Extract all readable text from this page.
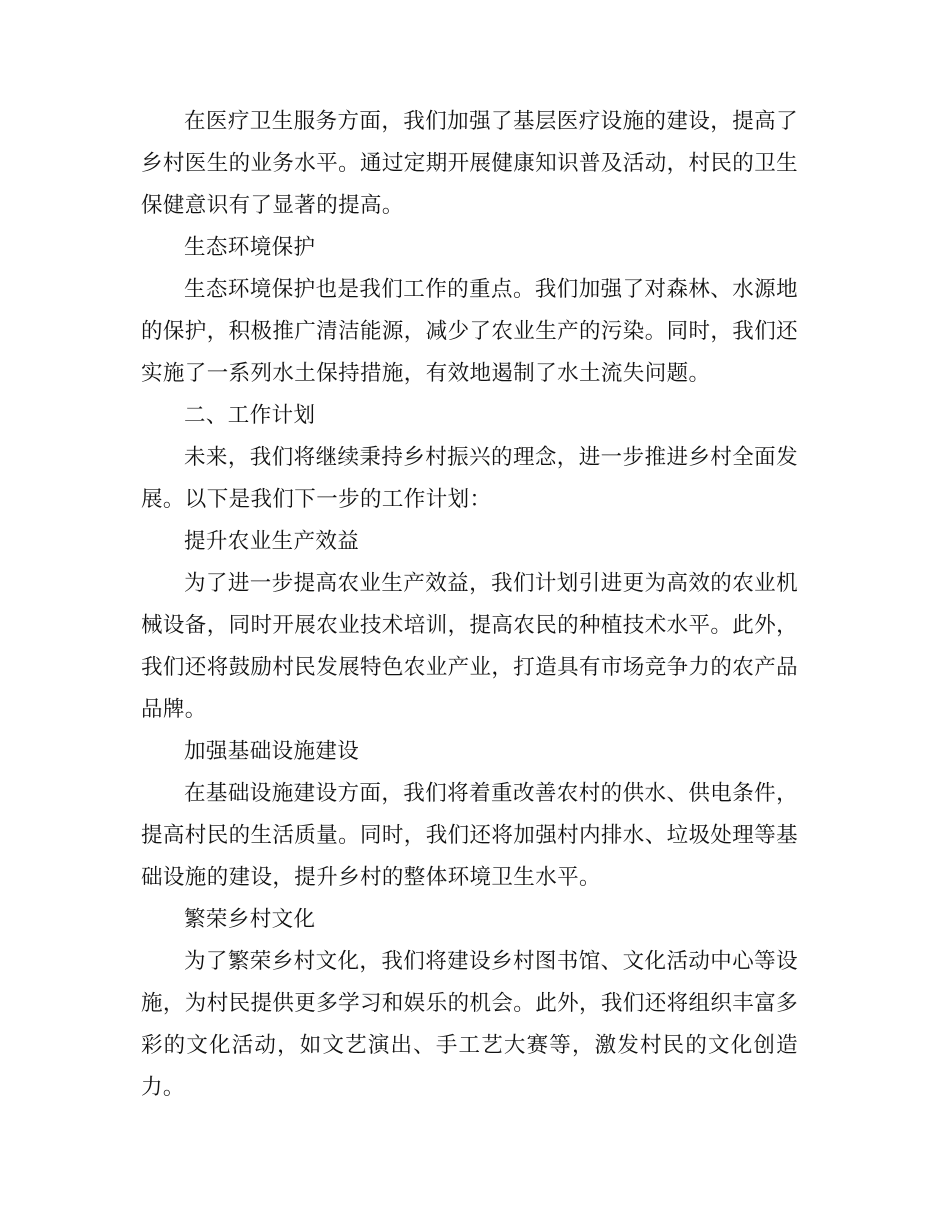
在医疗卫生服务方面，我们加强了基层医疗设施的建设，提高了乡村医生的业务水平。通过定期开展健康知识普及活动，村民的卫生保健意识有了显著的提高。

生态环境保护

生态环境保护也是我们工作的重点。我们加强了对森林、水源地的保护，积极推广清洁能源，减少了农业生产的污染。同时，我们还实施了一系列水土保持措施，有效地遏制了水土流失问题。

二、工作计划

未来，我们将继续秉持乡村振兴的理念，进一步推进乡村全面发展。以下是我们下一步的工作计划：

提升农业生产效益

为了进一步提高农业生产效益，我们计划引进更为高效的农业机械设备，同时开展农业技术培训，提高农民的种植技术水平。此外，我们还将鼓励村民发展特色农业产业，打造具有市场竞争力的农产品品牌。

加强基础设施建设

在基础设施建设方面，我们将着重改善农村的供水、供电条件，提高村民的生活质量。同时，我们还将加强村内排水、垃圾处理等基础设施的建设，提升乡村的整体环境卫生水平。

繁荣乡村文化

为了繁荣乡村文化，我们将建设乡村图书馆、文化活动中心等设施，为村民提供更多学习和娱乐的机会。此外，我们还将组织丰富多彩的文化活动，如文艺演出、手工艺大赛等，激发村民的文化创造力。
